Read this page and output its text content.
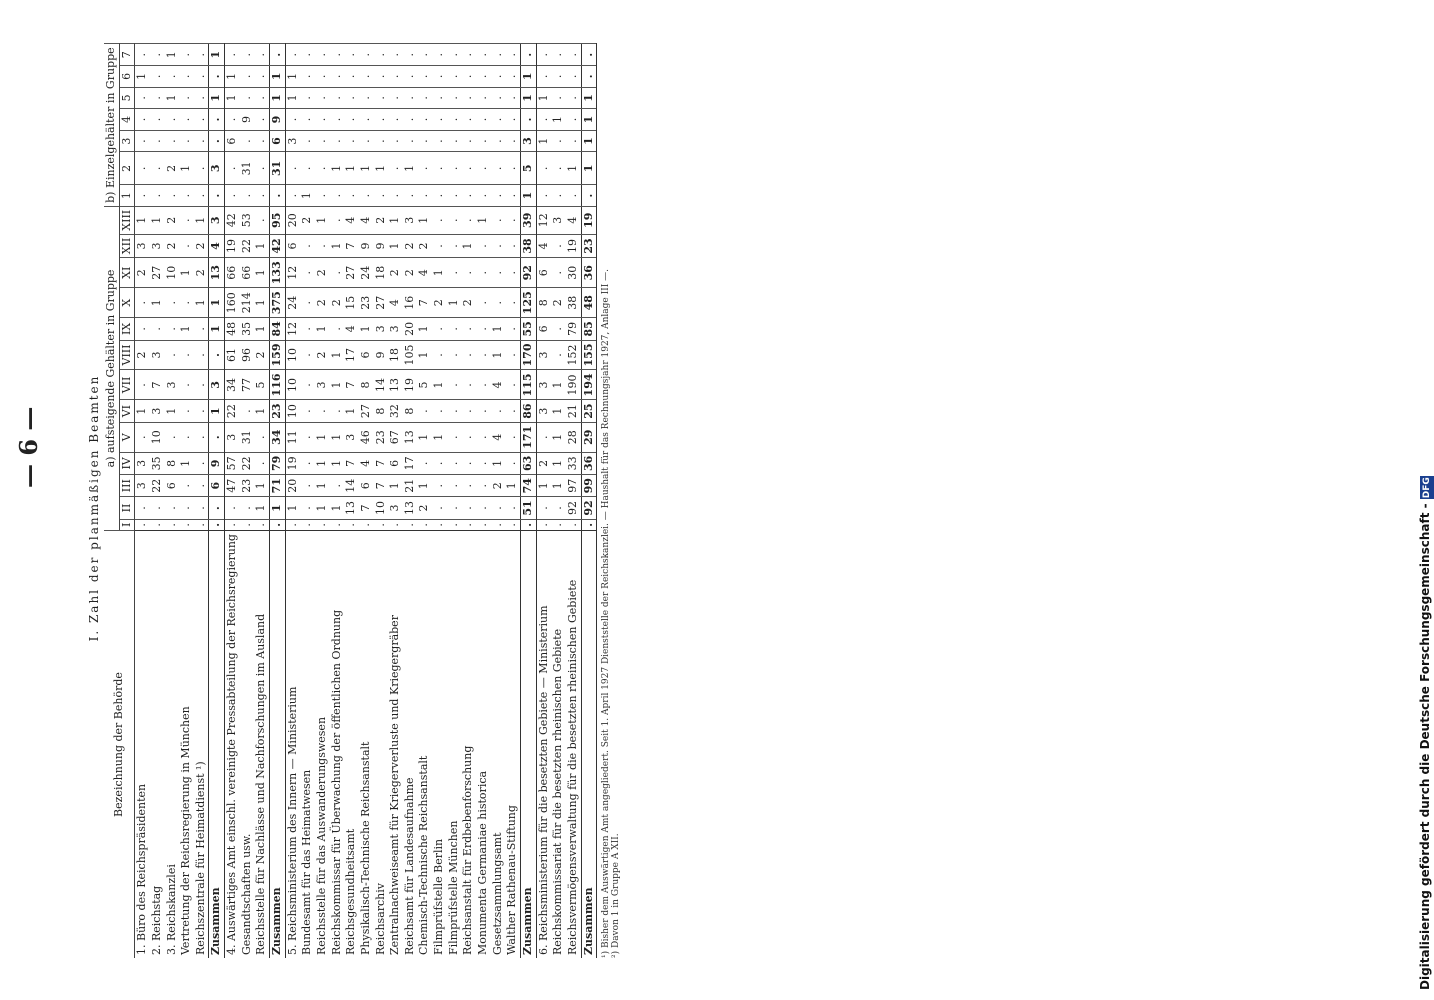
— 6 —	I. Zahl der planmäßigen Beamten
Bezeichnung der Behörde	a) aufsteigende Gehälter in Gruppe													b) Einzelgehälter in Gruppe						
	I	II	III	IV	V	VI	VII	VIII	IX	X	XI	XII	XIII	1	2	3	4	5	6	7
1. Büro des Reichspräsidenten	.	.	3	3	.	1	.	2	.	.	2	3	1	.	.	.	.	.	1	.
2. Reichstag	.	.	22	35	10	3	7	3	.	1	27	3	1	.	.	.	.	.	.	.
3. Reichskanzlei	.	.	6	8	.	1	3	.	.	.	10	2	2	.	2	.	.	1	.	1
Vertretung der Reichsregierung in München	.	.	.	1	.	.	.	.	1	.	1	.	.	.	1	.	.	.	.	.
Reichszentrale für Heimatdienst ¹)	.	.	.	.	.	.	.	.	.	1	2	2	1	.	.	.	.	.	.	.
Zusammen	.	.	6	9	.	1	3	.	1	1	13	4	3	.	3	.	.	1	.	1
4. Auswärtiges Amt einschl. vereinigte Pressabteilung der Reichsregierung	.	.	47	57	3	22	34	61	48	160	66	19	42	.	.	6	.	1	1	.
Gesandtschaften usw.	.	.	23	22	31	.	77	96	35	214	66	22	53	.	31	.	9	.	.	.
Reichsstelle für Nachlässe und Nachforschungen im Ausland	.	1	1	.	.	1	5	2	1	1	1	1	.	.	.	.	.	.	.	.
Zusammen	.	1	71	79	34	23	116	159	84	375	133	42	95	.	31	6	9	1	1	.
5. Reichsministerium des Innern — Ministerium	.	1	20	19	11	10	10	10	12	24	12	6	20	.	.	3	.	1	1	.
Bundesamt für das Heimatwesen	.	.	.	.	.	.	.	.	.	.	.	.	2	1	.	.	.	.	.	.
Reichsstelle für das Auswanderungswesen	.	1	1	1	1	.	3	2	1	2	2	.	1	.	.	.	.	.	.	.
Reichskommissar für Überwachung der öffentlichen Ordnung	.	1	.	1	1	.	1	1	.	2	.	1	.	.	1	.	.	.	.	.
Reichsgesundheitsamt	.	13	14	7	3	1	7	17	4	15	27	7	4	.	1	.	.	.	.	.
Physikalisch-Technische Reichsanstalt	.	7	6	4	46	27	8	6	1	23	24	9	4	.	1	.	.	.	.	.
Reichsarchiv	.	10	7	7	23	8	14	9	3	27	18	9	2	.	1	.	.	.	.	.
Zentralnachweiseamt für Kriegerverluste und Kriegergräber	.	3	1	6	67	32	13	18	3	4	2	1	1	.	.	.	.	.	.	.
Reichsamt für Landesaufnahme	.	13	21	17	13	8	19	105	20	16	2	2	3	.	1	.	.	.	.	.
Chemisch-Technische Reichsanstalt	.	2	1	.	1	.	5	1	1	7	4	2	1	.	.	.	.	.	.	.
Filmprüfstelle Berlin	.	.	.	.	1	.	1	.	.	2	1	.	.	.	.	.	.	.	.	.
Filmprüfstelle München	.	.	.	.	.	.	.	.	.	1	.	.	.	.	.	.	.	.	.	.
Reichsanstalt für Erdbebenforschung	.	.	.	.	.	.	.	.	.	2	.	1	.	.	.	.	.	.	.	.
Monumenta Germaniae historica	.	.	.	.	.	.	.	.	.	.	.	.	1	.	.	.	.	.	.	.
Gesetzsammlungsamt	.	.	2	1	4	.	4	1	1	.	.	.	.	.	.	.	.	.	.	.
Walther Rathenau-Stiftung	.	.	1	.	.	.	.	.	.	.	.	.	.	.	.	.	.	.	.	.
Zusammen	.	51	74	63	171	86	115	170	55	125	92	38	39	1	5	3	.	1	1	.
6. Reichsministerium für die besetzten Gebiete — Ministerium	.	.	1	2	.	3	3	3	6	8	6	4	12	.	.	1	.	1	.	.
Reichskommissariat für die besetzten rheinischen Gebiete	.	.	1	1	1	1	1	.	.	2	.	.	3	.	.	.	1	.	.	.
Reichsvermögensverwaltung für die besetzten rheinischen Gebiete	.	92	97	33	28	21	190	152	79	38	30	19	4	.	1	.	.	.	.	.
Zusammen	.	92	99	36	29	25	194	155	85	48	36	23	19	.	1	1	1	1	.	.
¹) Bisher dem Auswärtigen Amt angegliedert. Seit 1. April 1927 Dienststelle der Reichskanzlei. — Haushalt für das Rechnungsjahr 1927, Anlage III —. ²) Davon 1 in Gruppe A XII.	Digitalisierung gefördert durch die Deutsche Forschungsgemeinschaft - DFG
